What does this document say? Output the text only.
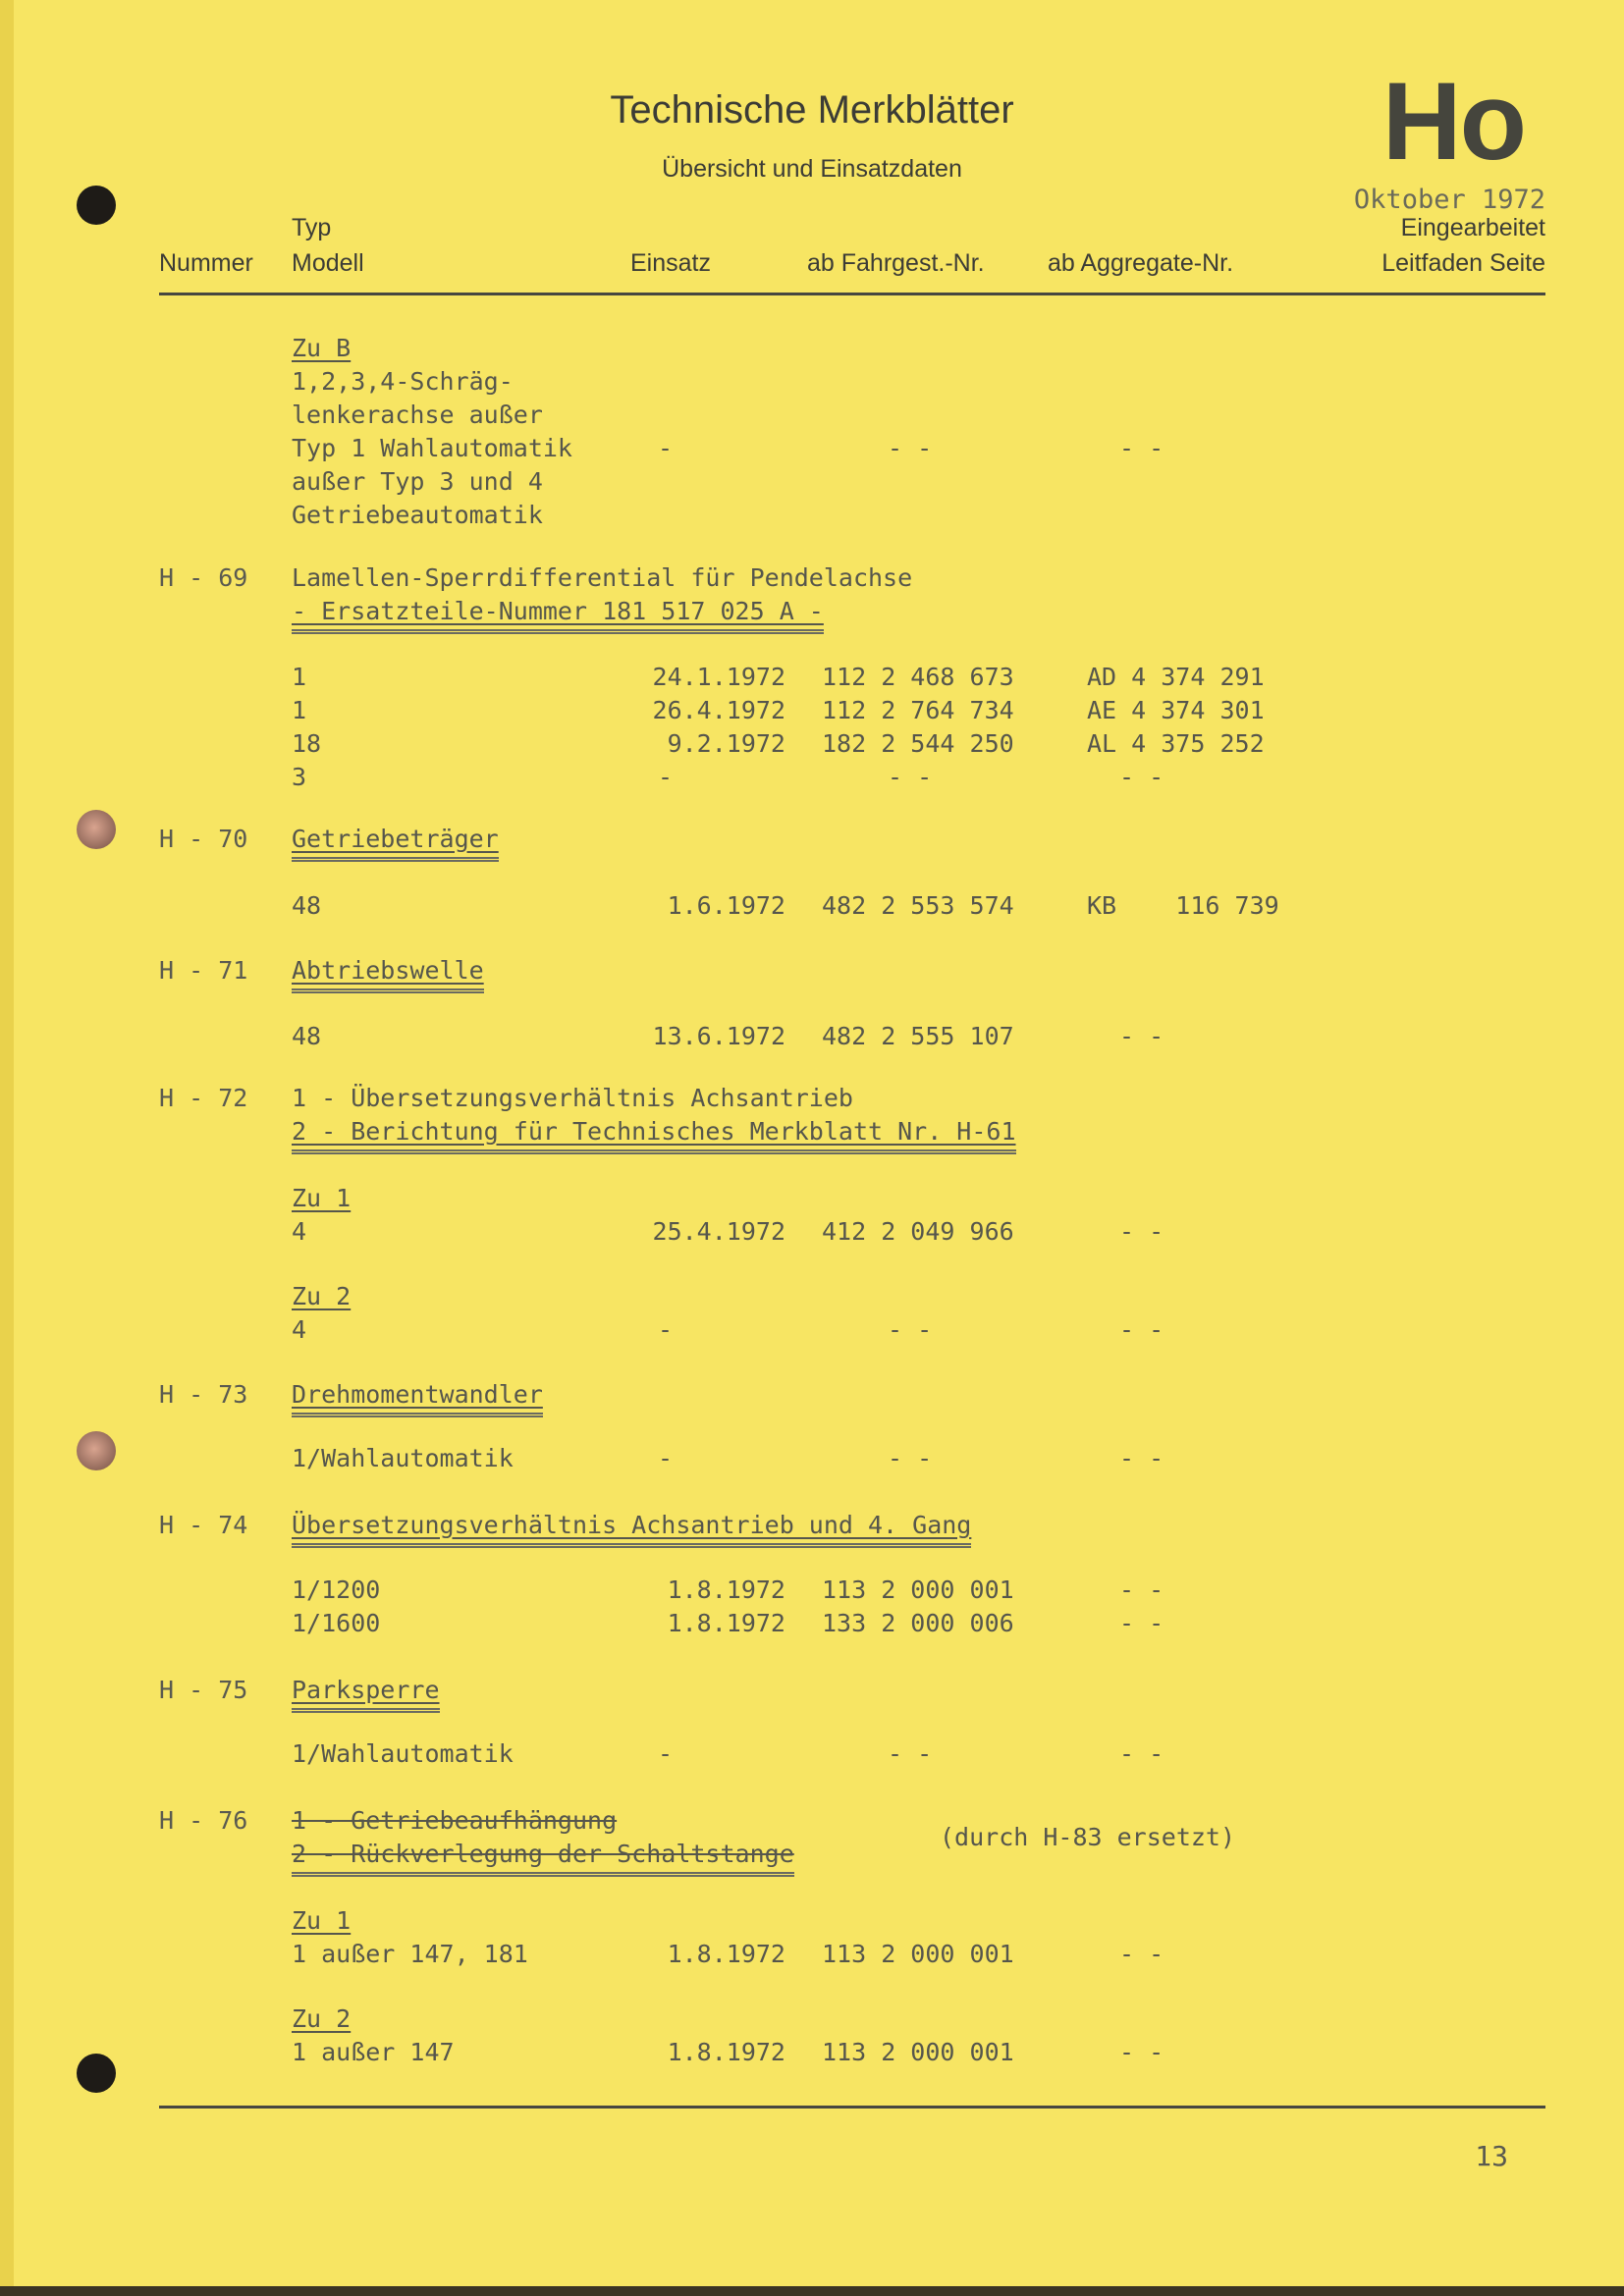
Technische Merkblätter
Übersicht und Einsatzdaten	Ho
Oktober 1972
Typ	Eingearbeitet
Nummer Modell	Einsatz	ab Fahrgest.-Nr.	ab Aggregate-Nr.	Leitfaden Seite
Zu B
1,2,3,4-Schräg-
lenkerachse außer
Typ 1 Wahlautomatik
außer Typ 3 und 4
Getriebeautomatik
-	- -	- -
H - 69 Lamellen-Sperrdifferential für Pendelachse
- Ersatzteile-Nummer 181 517 025 A -
1	24.1.1972 112 2 468 673	AD 4 374 291
1	26.4.1972 112 2 764 734	AE 4 374 301
18	9.2.1972 182 2 544 250	AL 4 375 252
3	-	- -	- -
H - 70 Getriebeträger
48	1.6.1972 482 2 553 574	KB    116 739
H - 71 Abtriebswelle
48	13.6.1972 482 2 555 107	- -
H - 72 1 - Übersetzungsverhältnis Achsantrieb
2 - Berichtung für Technisches Merkblatt Nr. H-61
Zu 1
4	25.4.1972 412 2 049 966	- -
Zu 2
4	-	- -	- -
H - 73 Drehmomentwandler
1/Wahlautomatik	-	- -	- -
H - 74 Übersetzungsverhältnis Achsantrieb und 4. Gang
1/1200	1.8.1972 113 2 000 001	- -
1/1600	1.8.1972 133 2 000 006	- -
H - 75 Parksperre
1/Wahlautomatik	-	- -	- -
H - 76 1 - Getriebeaufhängung
2 - Rückverlegung der Schaltstange
(durch H-83 ersetzt)
Zu 1
1 außer 147, 181	1.8.1972 113 2 000 001	- -
Zu 2
1 außer 147	1.8.1972 113 2 000 001	- -
13
